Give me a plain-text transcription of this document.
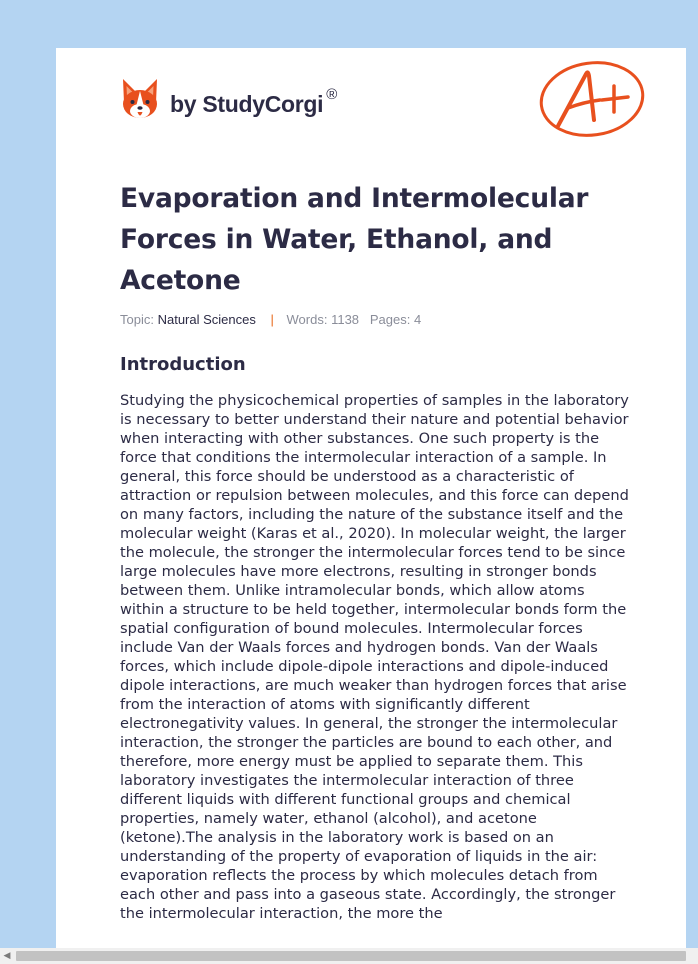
by StudyCorgi ®
Evaporation and Intermolecular Forces in Water, Ethanol, and Acetone
Topic: Natural Sciences | Words: 1138 Pages: 4
Introduction

Studying the physicochemical properties of samples in the laboratory is necessary to better understand their nature and potential behavior when interacting with other substances. One such property is the force that conditions the intermolecular interaction of a sample. In general, this force should be understood as a characteristic of attraction or repulsion between molecules, and this force can depend on many factors, including the nature of the substance itself and the molecular weight (Karas et al., 2020). In molecular weight, the larger the molecule, the stronger the intermolecular forces tend to be since large molecules have more electrons, resulting in stronger bonds between them. Unlike intramolecular bonds, which allow atoms within a structure to be held together, intermolecular bonds form the spatial configuration of bound molecules. Intermolecular forces include Van der Waals forces and hydrogen bonds. Van der Waals forces, which include dipole-dipole interactions and dipole-induced dipole interactions, are much weaker than hydrogen forces that arise from the interaction of atoms with significantly different electronegativity values. In general, the stronger the intermolecular interaction, the stronger the particles are bound to each other, and therefore, more energy must be applied to separate them. This laboratory investigates the intermolecular interaction of three different liquids with different functional groups and chemical properties, namely water, ethanol (alcohol), and acetone (ketone).The analysis in the laboratory work is based on an understanding of the property of evaporation of liquids in the air: evaporation reflects the process by which molecules detach from each other and pass into a gaseous state. Accordingly, the stronger the intermolecular interaction, the more the

◀
